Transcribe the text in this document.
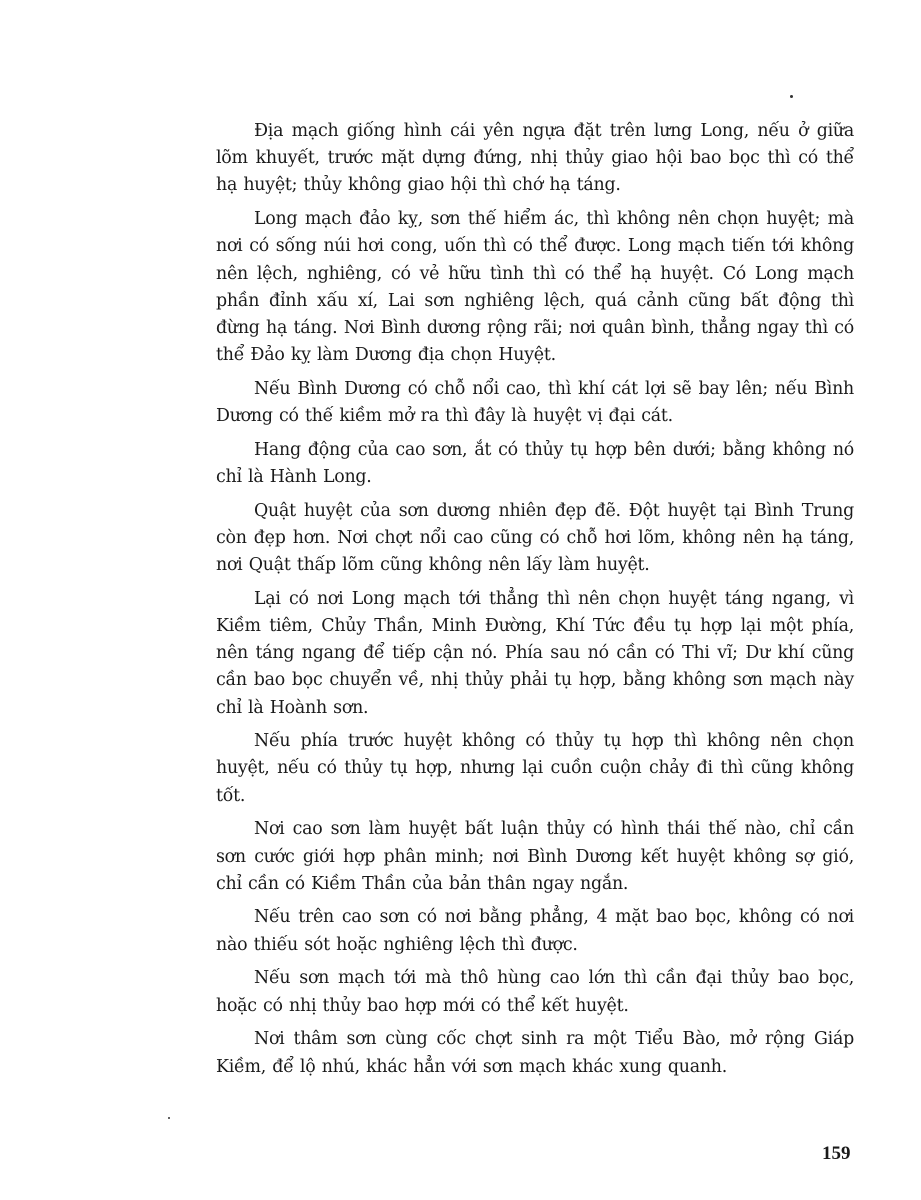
Địa mạch giống hình cái yên ngựa đặt trên lưng Long, nếu ở giữa lõm khuyết, trước mặt dựng đứng, nhị thủy giao hội bao bọc thì có thể hạ huyệt; thủy không giao hội thì chớ hạ táng.

Long mạch đảo kỵ, sơn thế hiểm ác, thì không nên chọn huyệt; mà nơi có sống núi hơi cong, uốn thì có thể được. Long mạch tiến tới không nên lệch, nghiêng, có vẻ hữu tình thì có thể hạ huyệt. Có Long mạch phần đỉnh xấu xí, Lai sơn nghiêng lệch, quá cảnh cũng bất động thì đừng hạ táng. Nơi Bình dương rộng rãi; nơi quân bình, thẳng ngay thì có thể Đảo kỵ làm Dương địa chọn Huyệt.

Nếu Bình Dương có chỗ nổi cao, thì khí cát lợi sẽ bay lên; nếu Bình Dương có thế kiềm mở ra thì đây là huyệt vị đại cát.

Hang động của cao sơn, ắt có thủy tụ hợp bên dưới; bằng không nó chỉ là Hành Long.

Quật huyệt của sơn dương nhiên đẹp đẽ. Đột huyệt tại Bình Trung còn đẹp hơn. Nơi chợt nổi cao cũng có chỗ hơi lõm, không nên hạ táng, nơi Quật thấp lõm cũng không nên lấy làm huyệt.

Lại có nơi Long mạch tới thẳng thì nên chọn huyệt táng ngang, vì Kiềm tiêm, Chủy Thần, Minh Đường, Khí Tức đều tụ hợp lại một phía, nên táng ngang để tiếp cận nó. Phía sau nó cần có Thi vĩ; Dư khí cũng cần bao bọc chuyển về, nhị thủy phải tụ hợp, bằng không sơn mạch này chỉ là Hoành sơn.

Nếu phía trước huyệt không có thủy tụ hợp thì không nên chọn huyệt, nếu có thủy tụ hợp, nhưng lại cuồn cuộn chảy đi thì cũng không tốt.

Nơi cao sơn làm huyệt bất luận thủy có hình thái thế nào, chỉ cần sơn cước giới hợp phân minh; nơi Bình Dương kết huyệt không sợ gió, chỉ cần có Kiềm Thần của bản thân ngay ngắn.

Nếu trên cao sơn có nơi bằng phẳng, 4 mặt bao bọc, không có nơi nào thiếu sót hoặc nghiêng lệch thì được.

Nếu sơn mạch tới mà thô hùng cao lớn thì cần đại thủy bao bọc, hoặc có nhị thủy bao hợp mới có thể kết huyệt.

Nơi thâm sơn cùng cốc chợt sinh ra một Tiểu Bào, mở rộng Giáp Kiềm, để lộ nhú, khác hẳn với sơn mạch khác xung quanh.

159
